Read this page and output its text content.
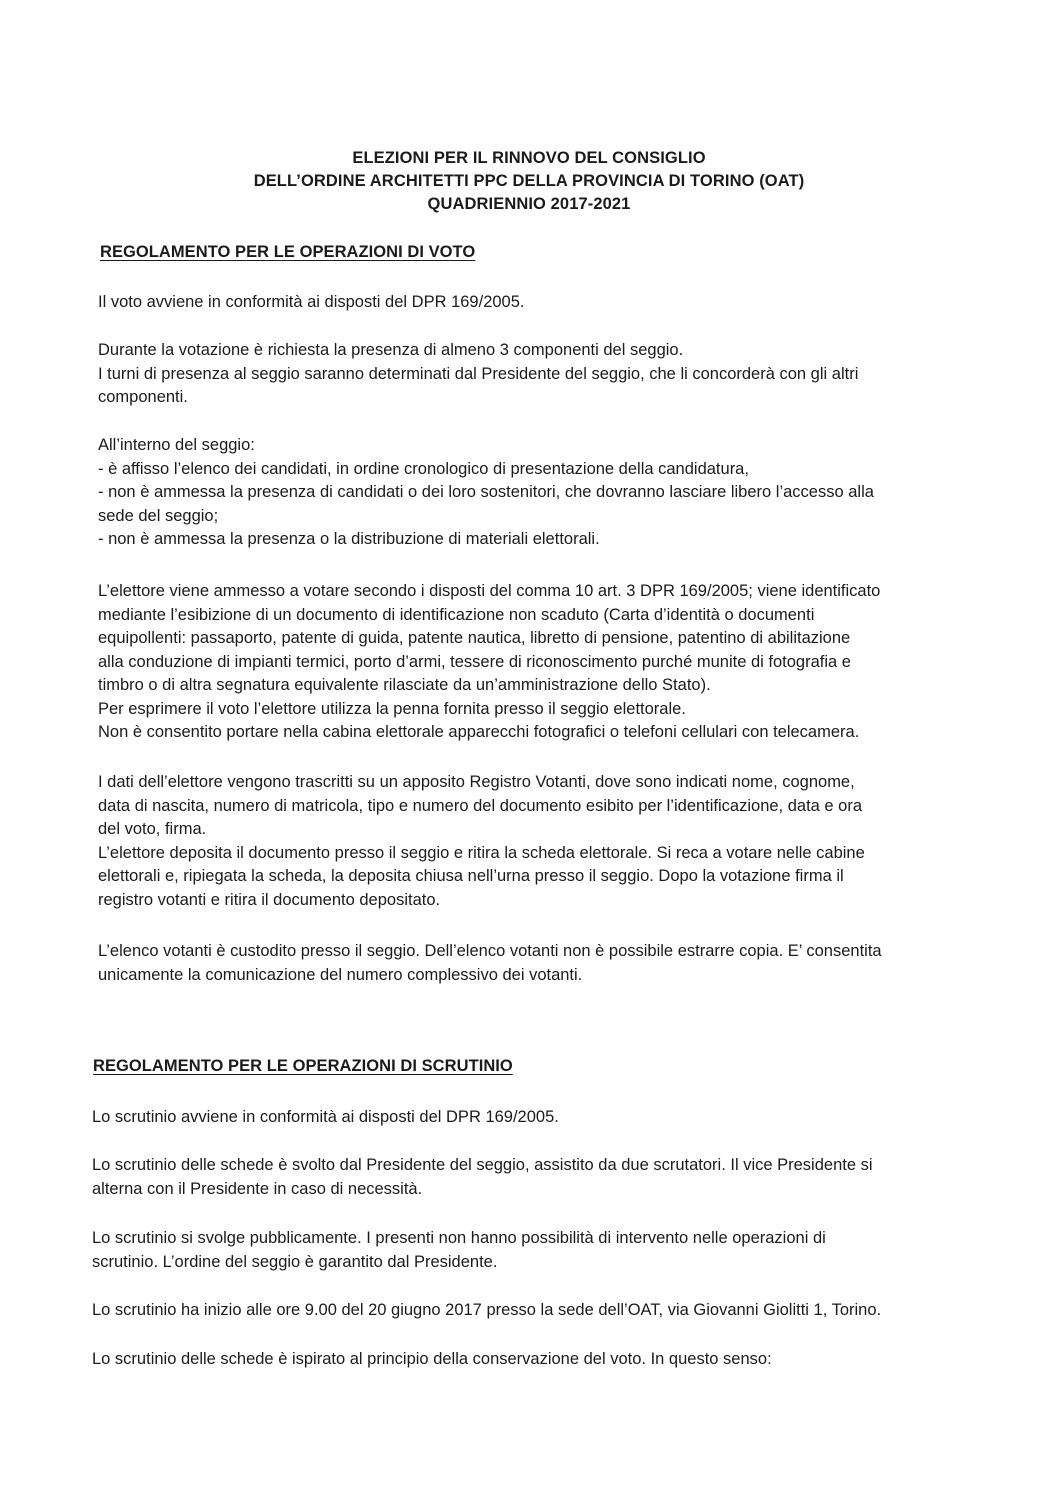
ELEZIONI PER IL RINNOVO DEL CONSIGLIO
DELL’ORDINE ARCHITETTI PPC DELLA PROVINCIA DI TORINO (OAT)
QUADRIENNIO 2017-2021
REGOLAMENTO PER LE OPERAZIONI DI VOTO
Il voto avviene in conformità ai disposti del DPR 169/2005.
Durante la votazione è richiesta la presenza di almeno 3 componenti del seggio.
I turni di presenza al seggio saranno determinati dal Presidente del seggio, che li concorderà con gli altri
componenti.
All’interno del seggio:
- è affisso l’elenco dei candidati, in ordine cronologico di presentazione della candidatura,
- non è ammessa la presenza di candidati o dei loro sostenitori, che dovranno lasciare libero l’accesso alla
sede del seggio;
- non è ammessa la presenza o la distribuzione di materiali elettorali.
L’elettore viene ammesso a votare secondo i disposti del comma 10 art. 3 DPR 169/2005; viene identificato
mediante l’esibizione di un documento di identificazione non scaduto (Carta d’identità o documenti
equipollenti: passaporto, patente di guida, patente nautica, libretto di pensione, patentino di abilitazione
alla conduzione di impianti termici, porto d’armi, tessere di riconoscimento purché munite di fotografia e
timbro o di altra segnatura equivalente rilasciate da un’amministrazione dello Stato).
Per esprimere il voto l’elettore utilizza la penna fornita presso il seggio elettorale.
Non è consentito portare nella cabina elettorale apparecchi fotografici o telefoni cellulari con telecamera.
I dati dell’elettore vengono trascritti su un apposito Registro Votanti, dove sono indicati nome, cognome,
data di nascita, numero di matricola, tipo e numero del documento esibito per l’identificazione, data e ora
del voto, firma.
L’elettore deposita il documento presso il seggio e ritira la scheda elettorale. Si reca a votare nelle cabine
elettorali e, ripiegata la scheda, la deposita chiusa nell’urna presso il seggio. Dopo la votazione firma il
registro votanti e ritira il documento depositato.
L’elenco votanti è custodito presso il seggio. Dell’elenco votanti non è possibile estrarre copia. E’ consentita
unicamente la comunicazione del numero complessivo dei votanti.
REGOLAMENTO PER LE OPERAZIONI DI SCRUTINIO
Lo scrutinio avviene in conformità ai disposti del DPR 169/2005.
Lo scrutinio delle schede è svolto dal Presidente del seggio, assistito da due scrutatori. Il vice Presidente si
alterna con il Presidente in caso di necessità.
Lo scrutinio si svolge pubblicamente. I presenti non hanno possibilità di intervento nelle operazioni di
scrutinio. L’ordine del seggio è garantito dal Presidente.
Lo scrutinio ha inizio alle ore 9.00 del 20 giugno 2017 presso la sede dell’OAT, via Giovanni Giolitti 1, Torino.
Lo scrutinio delle schede è ispirato al principio della conservazione del voto. In questo senso:
